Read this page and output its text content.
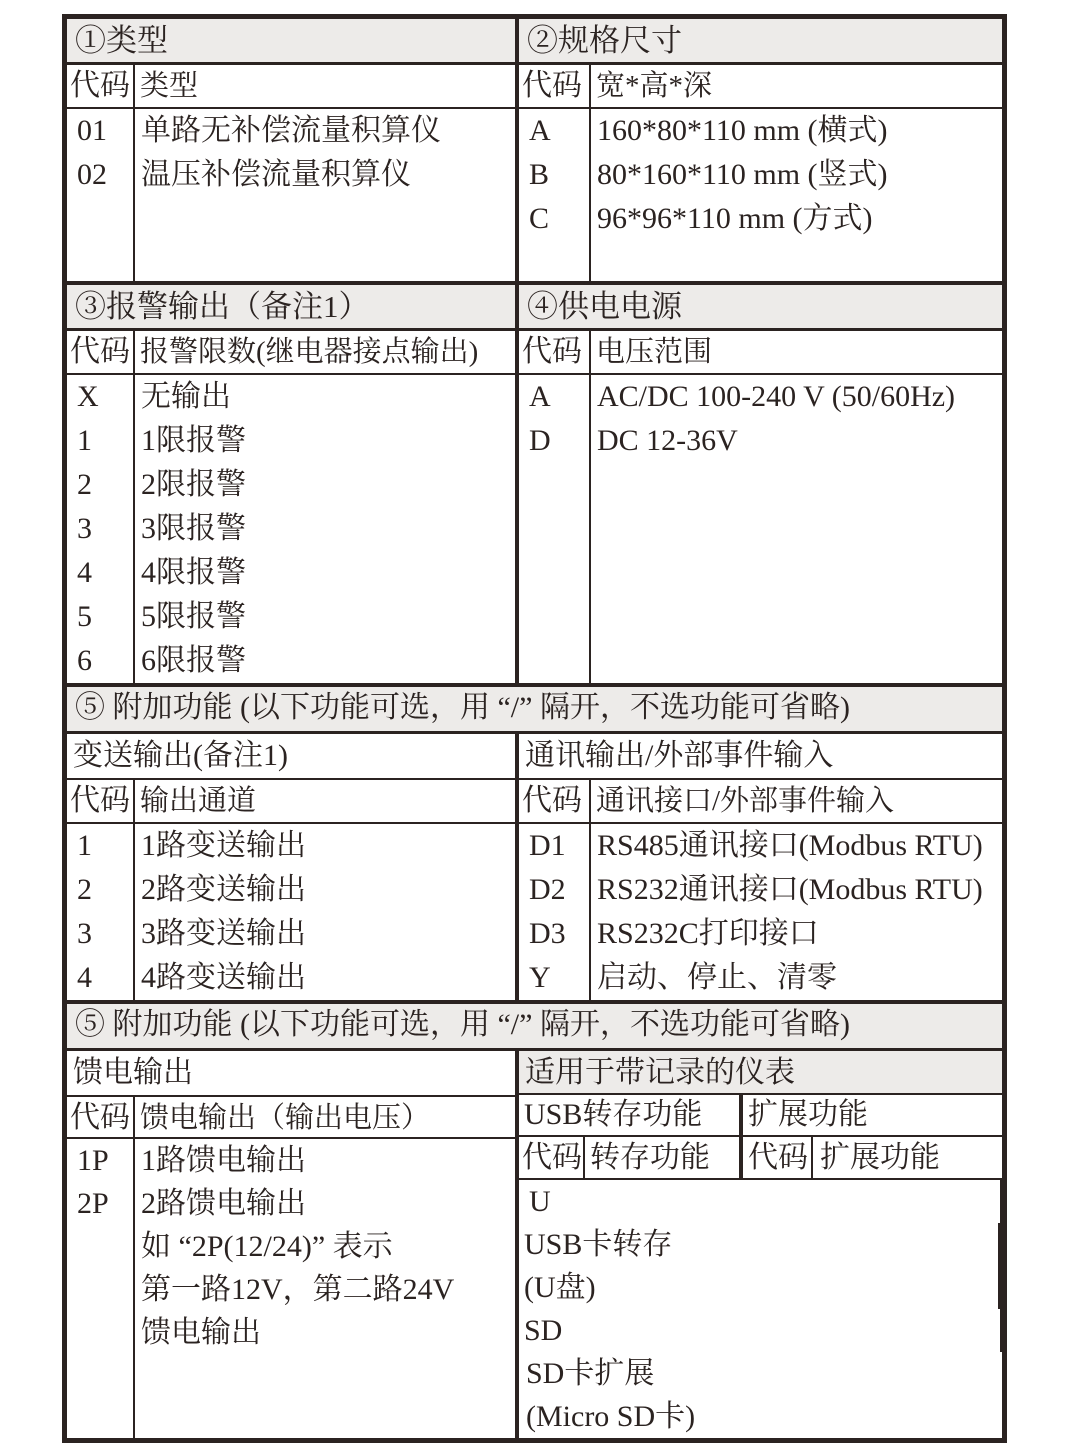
①类型
代码 类型
01
02
单路无补偿流量积算仪
温压补偿流量积算仪
②规格尺寸
代码 宽*高*深
A
B
C
160*80*110 mm (横式)
80*160*110 mm (竖式)
96*96*110 mm (方式)
③报警输出（备注1）
代码 报警限数(继电器接点输出)
X
1
2
3
4
5
6
无输出
1限报警
2限报警
3限报警
4限报警
5限报警
6限报警
④供电电源
代码 电压范围
A
D
AC/DC 100-240 V (50/60Hz)
DC 12-36V
⑤ 附加功能 (以下功能可选，用 “/” 隔开，不选功能可省略)
变送输出(备注1)
代码 输出通道
1
2
3
4
1路变送输出
2路变送输出
3路变送输出
4路变送输出
通讯输出/外部事件输入
代码 通讯接口/外部事件输入
D1
D2
D3
Y
RS485通讯接口(Modbus RTU)
RS232通讯接口(Modbus RTU)
RS232C打印接口
启动、停止、清零
⑤ 附加功能 (以下功能可选，用 “/” 隔开，不选功能可省略)
馈电输出
代码 馈电输出（输出电压）
1P
2P
1路馈电输出
2路馈电输出
如 “2P(12/24)” 表示
第一路12V，第二路24V
馈电输出
适用于带记录的仪表
USB转存功能	扩展功能
代码 转存功能	代码 扩展功能
U
USB卡转存
(U盘)
SD
SD卡扩展
(Micro SD卡)
